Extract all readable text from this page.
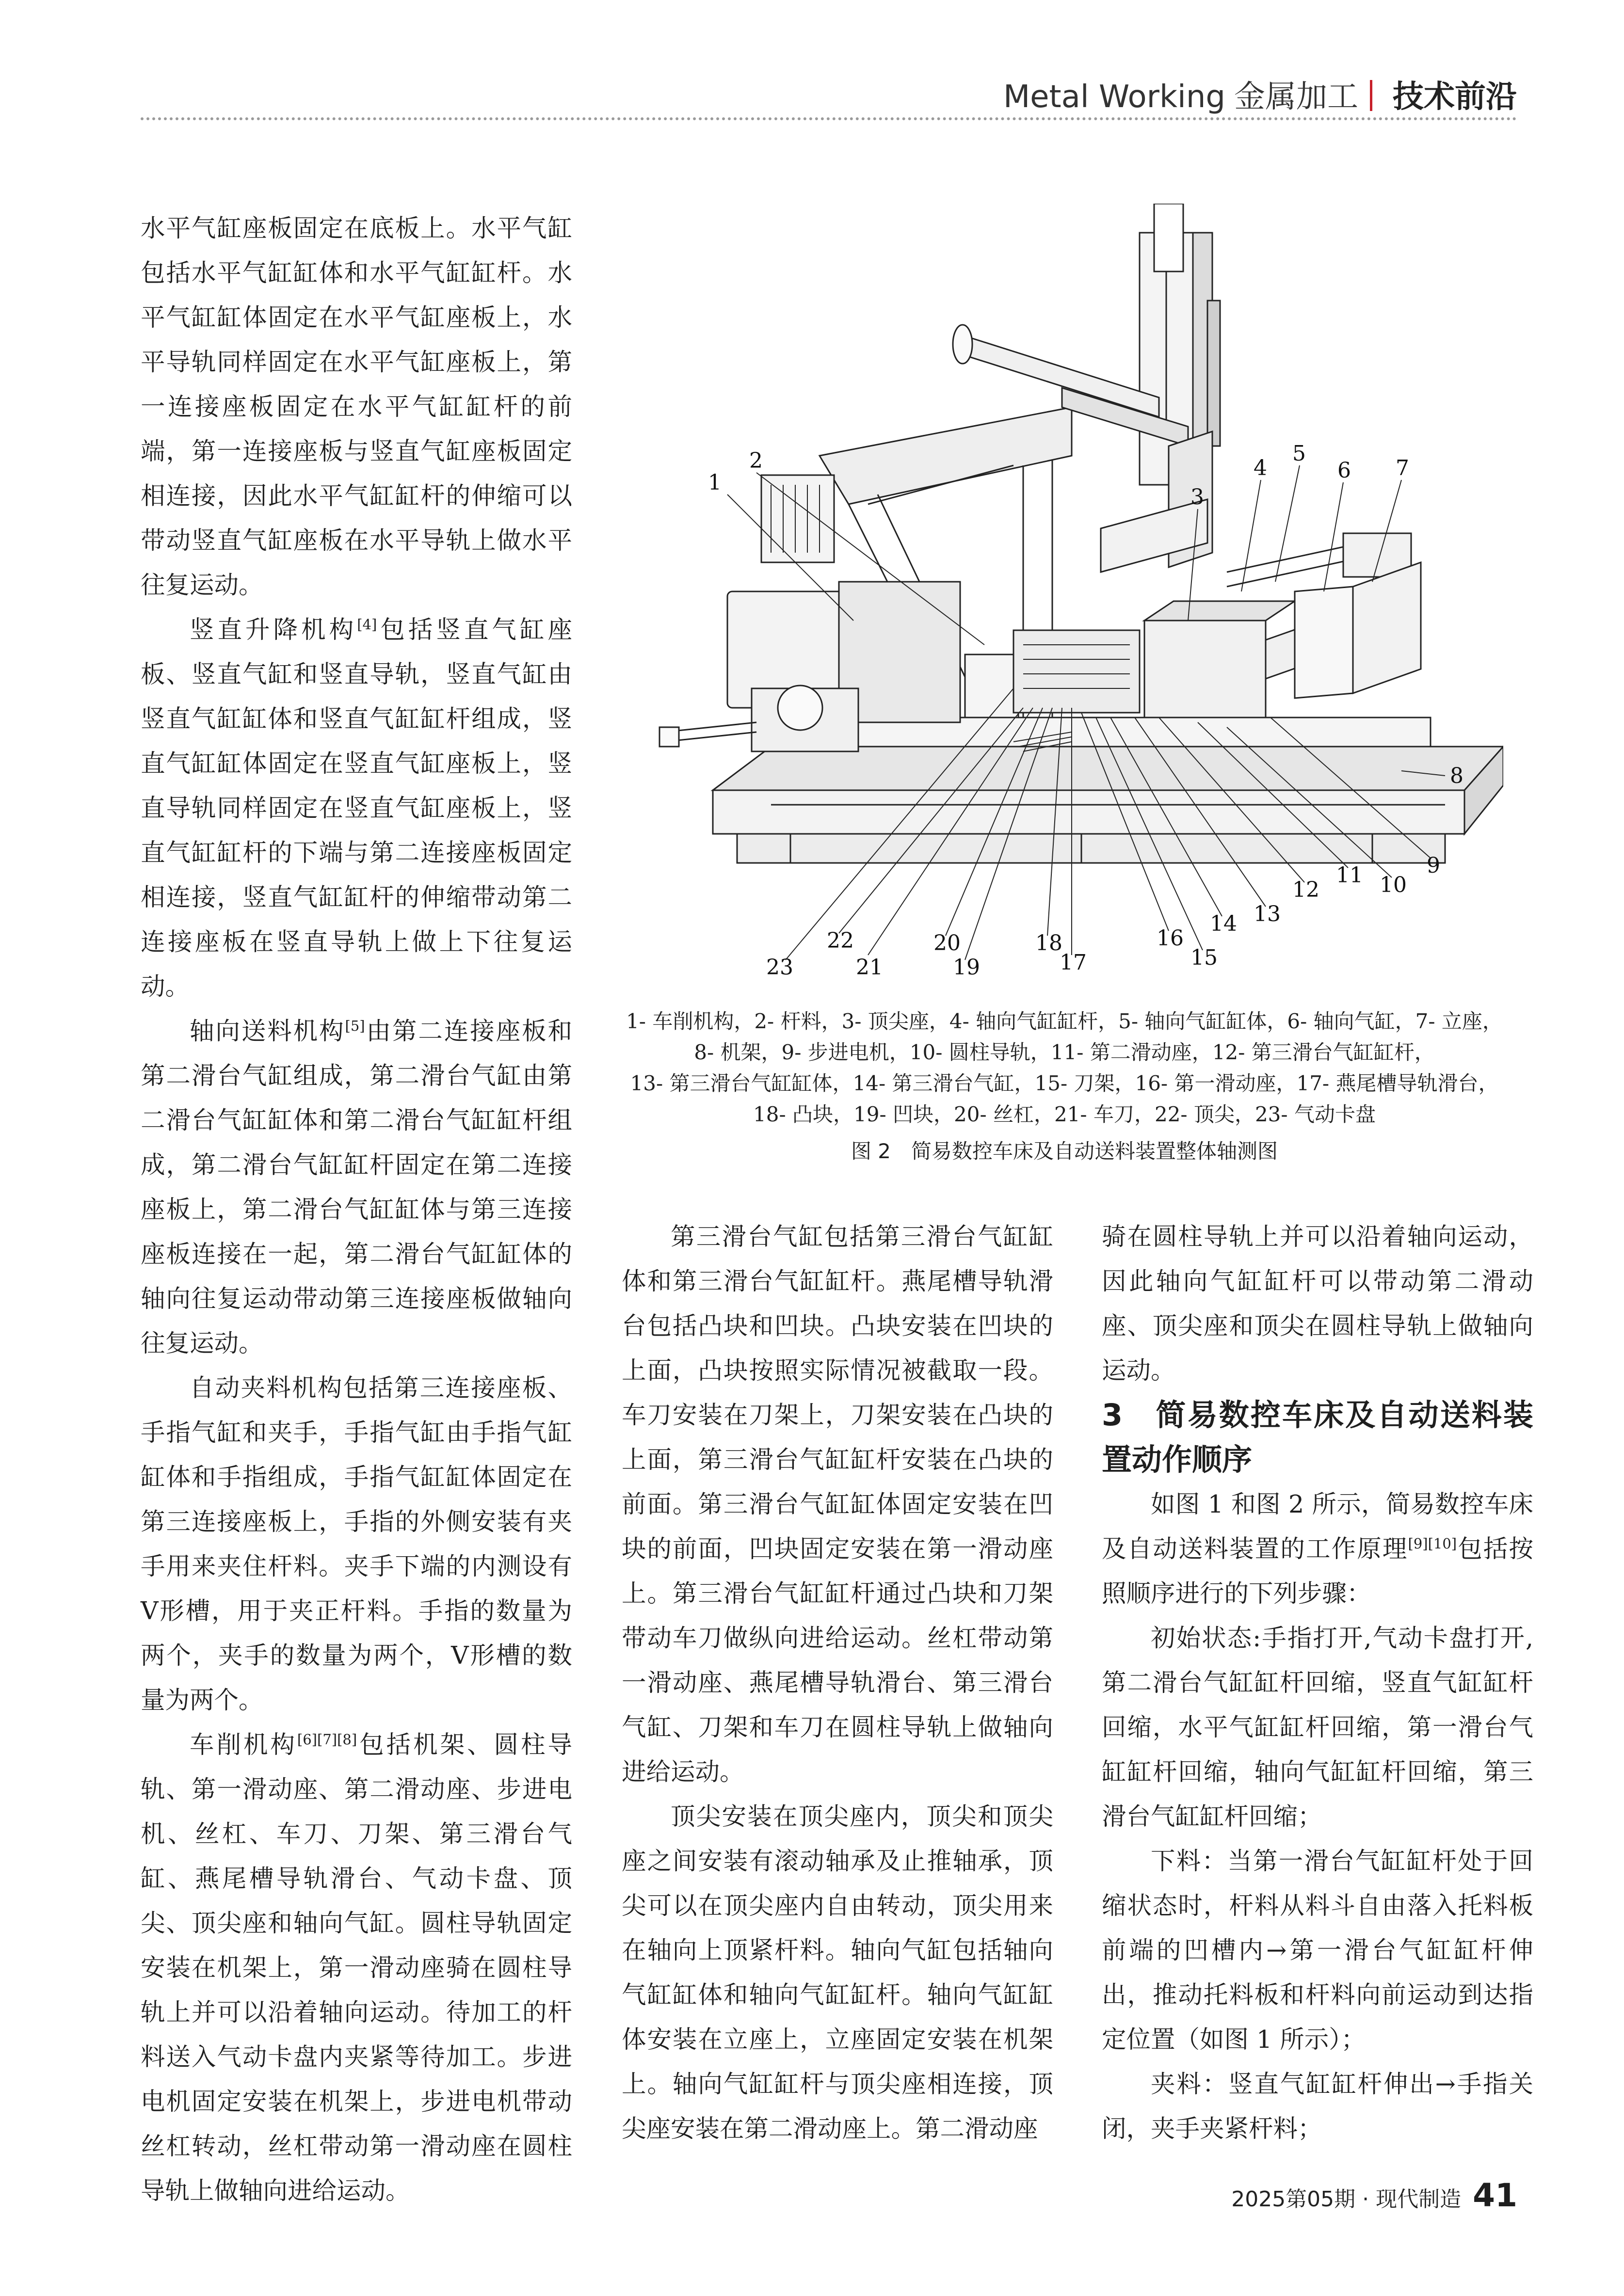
Metal Working 金属加工 技术前沿

水平气缸座板固定在底板上。水平气缸包括水平气缸缸体和水平气缸缸杆。水平气缸缸体固定在水平气缸座板上，水平导轨同样固定在水平气缸座板上，第一连接座板固定在水平气缸缸杆的前端，第一连接座板与竖直气缸座板固定相连接，因此水平气缸缸杆的伸缩可以带动竖直气缸座板在水平导轨上做水平往复运动。

竖直升降机构[4]包括竖直气缸座板、竖直气缸和竖直导轨，竖直气缸由竖直气缸缸体和竖直气缸缸杆组成，竖直气缸缸体固定在竖直气缸座板上，竖直导轨同样固定在竖直气缸座板上，竖直气缸缸杆的下端与第二连接座板固定相连接，竖直气缸缸杆的伸缩带动第二连接座板在竖直导轨上做上下往复运动。

轴向送料机构[5]由第二连接座板和第二滑台气缸组成，第二滑台气缸由第二滑台气缸缸体和第二滑台气缸缸杆组成，第二滑台气缸缸杆固定在第二连接座板上，第二滑台气缸缸体与第三连接座板连接在一起，第二滑台气缸缸体的轴向往复运动带动第三连接座板做轴向往复运动。

自动夹料机构包括第三连接座板、手指气缸和夹手，手指气缸由手指气缸缸体和手指组成，手指气缸缸体固定在第三连接座板上，手指的外侧安装有夹手用来夹住杆料。夹手下端的内测设有V形槽，用于夹正杆料。手指的数量为两个，夹手的数量为两个，V形槽的数量为两个。

车削机构[6][7][8]包括机架、圆柱导轨、第一滑动座、第二滑动座、步进电机、丝杠、车刀、刀架、第三滑台气缸、燕尾槽导轨滑台、气动卡盘、顶尖、顶尖座和轴向气缸。圆柱导轨固定安装在机架上，第一滑动座骑在圆柱导轨上并可以沿着轴向运动。待加工的杆料送入气动卡盘内夹紧等待加工。步进电机固定安装在机架上，步进电机带动丝杠转动，丝杠带动第一滑动座在圆柱导轨上做轴向进给运动。

1
2
3
4
5
6 7
8
9
10
11
12
13
14
15
16
17
18
19
20
21
22
23
1- 车削机构，2- 杆料，3- 顶尖座，4- 轴向气缸缸杆，5- 轴向气缸缸体，6- 轴向气缸，7- 立座，
8- 机架，9- 步进电机，10- 圆柱导轨，11- 第二滑动座，12- 第三滑台气缸缸杆，
13- 第三滑台气缸缸体，14- 第三滑台气缸，15- 刀架，16- 第一滑动座，17- 燕尾槽导轨滑台，
18- 凸块，19- 凹块，20- 丝杠，21- 车刀，22- 顶尖，23- 气动卡盘
图 2　简易数控车床及自动送料装置整体轴测图

第三滑台气缸包括第三滑台气缸缸体和第三滑台气缸缸杆。燕尾槽导轨滑台包括凸块和凹块。凸块安装在凹块的上面，凸块按照实际情况被截取一段。车刀安装在刀架上，刀架安装在凸块的上面，第三滑台气缸缸杆安装在凸块的前面。第三滑台气缸缸体固定安装在凹块的前面，凹块固定安装在第一滑动座上。第三滑台气缸缸杆通过凸块和刀架带动车刀做纵向进给运动。丝杠带动第一滑动座、燕尾槽导轨滑台、第三滑台气缸、刀架和车刀在圆柱导轨上做轴向进给运动。

顶尖安装在顶尖座内，顶尖和顶尖座之间安装有滚动轴承及止推轴承，顶尖可以在顶尖座内自由转动，顶尖用来在轴向上顶紧杆料。轴向气缸包括轴向气缸缸体和轴向气缸缸杆。轴向气缸缸体安装在立座上，立座固定安装在机架上。轴向气缸缸杆与顶尖座相连接，顶尖座安装在第二滑动座上。第二滑动座

骑在圆柱导轨上并可以沿着轴向运动，因此轴向气缸缸杆可以带动第二滑动座、顶尖座和顶尖在圆柱导轨上做轴向运动。

3　简易数控车床及自动送料装置动作顺序

如图 1 和图 2 所示，简易数控车床及自动送料装置的工作原理[9][10]包括按照顺序进行的下列步骤：

初始状态:手指打开,气动卡盘打开,第二滑台气缸缸杆回缩，竖直气缸缸杆回缩，水平气缸缸杆回缩，第一滑台气缸缸杆回缩，轴向气缸缸杆回缩，第三滑台气缸缸杆回缩；

下料：当第一滑台气缸缸杆处于回缩状态时，杆料从料斗自由落入托料板前端的凹槽内→第一滑台气缸缸杆伸出，推动托料板和杆料向前运动到达指定位置（如图 1 所示）；

夹料：竖直气缸缸杆伸出→手指关闭，夹手夹紧杆料；

2025第05期 · 现代制造 41
